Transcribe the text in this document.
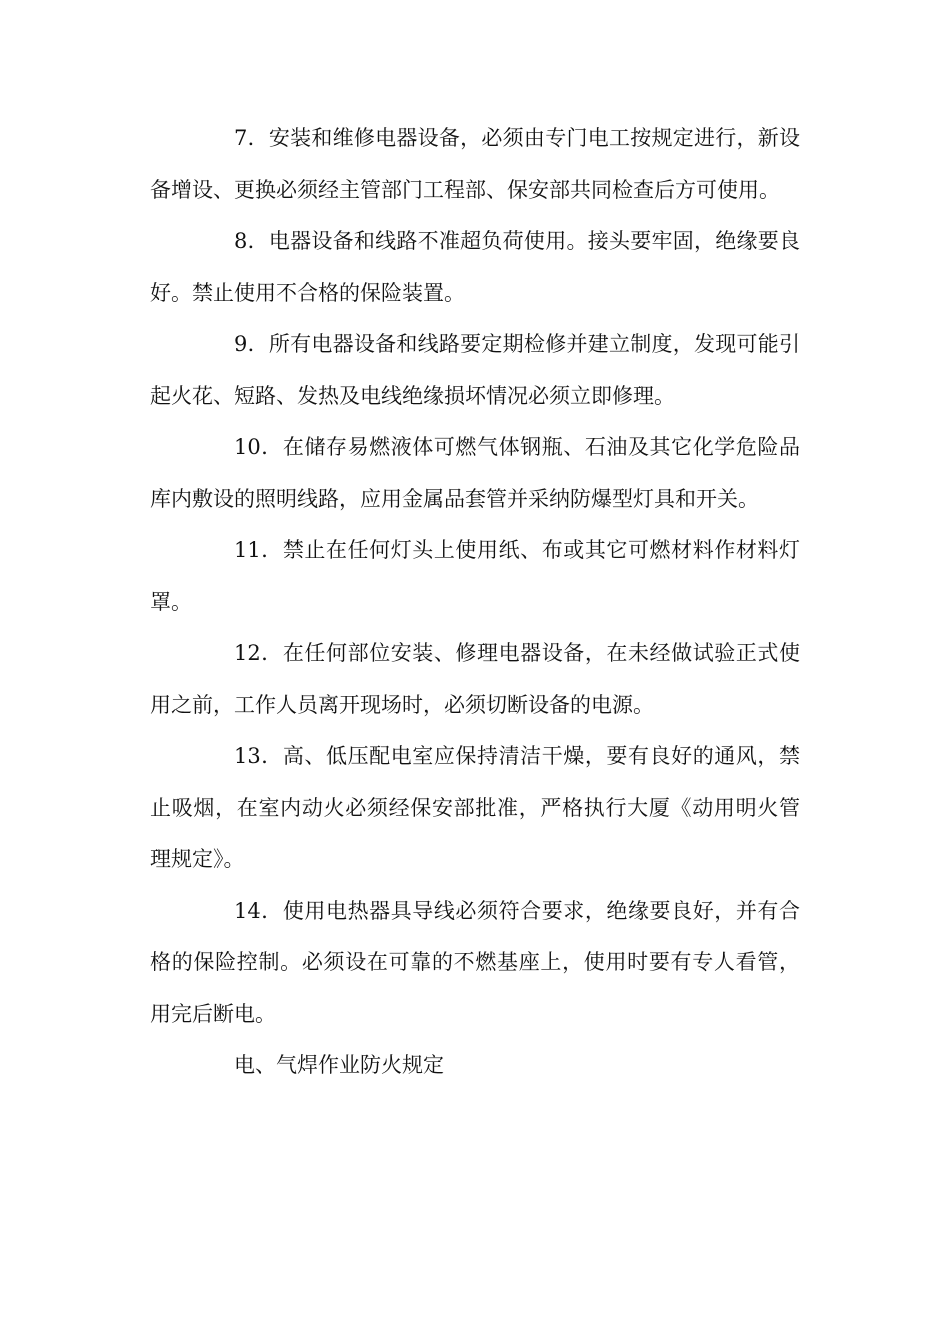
7．安装和维修电器设备，必须由专门电工按规定进行，新设备增设、更换必须经主管部门工程部、保安部共同检查后方可使用。

8．电器设备和线路不准超负荷使用。接头要牢固，绝缘要良好。禁止使用不合格的保险装置。

9．所有电器设备和线路要定期检修并建立制度，发现可能引起火花、短路、发热及电线绝缘损坏情况必须立即修理。

10．在储存易燃液体可燃气体钢瓶、石油及其它化学危险品库内敷设的照明线路，应用金属品套管并采纳防爆型灯具和开关。

11．禁止在任何灯头上使用纸、布或其它可燃材料作材料灯罩。

12．在任何部位安装、修理电器设备，在未经做试验正式使用之前，工作人员离开现场时，必须切断设备的电源。

13．高、低压配电室应保持清洁干燥，要有良好的通风，禁止吸烟，在室内动火必须经保安部批准，严格执行大厦《动用明火管理规定》。

14．使用电热器具导线必须符合要求，绝缘要良好，并有合格的保险控制。必须设在可靠的不燃基座上，使用时要有专人看管，用完后断电。

电、气焊作业防火规定
